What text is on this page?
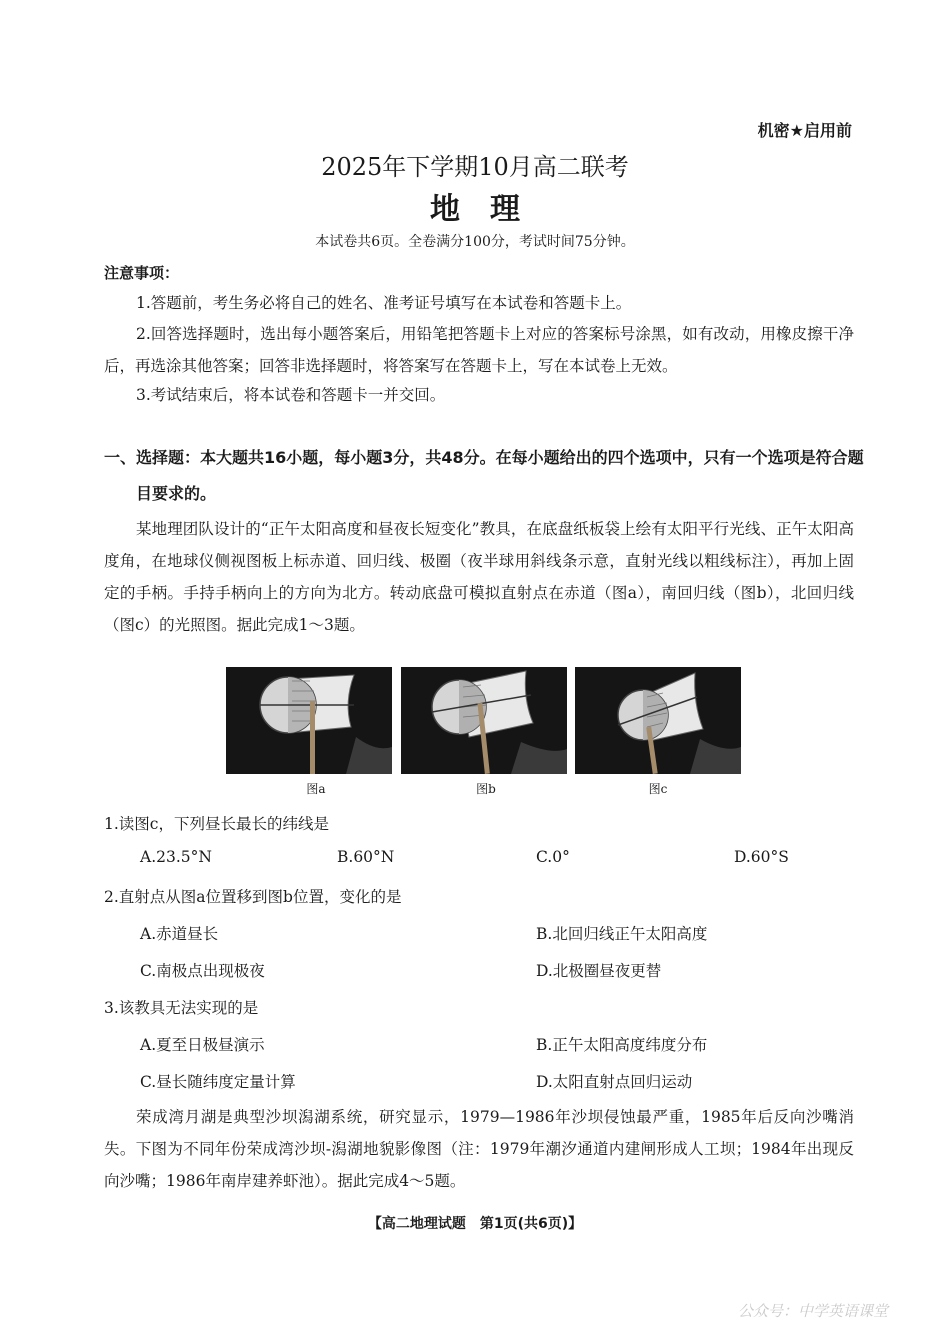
机密★启用前
2025年下学期10月高二联考
地理
本试卷共6页。全卷满分100分，考试时间75分钟。
注意事项：
1.答题前，考生务必将自己的姓名、准考证号填写在本试卷和答题卡上。
2.回答选择题时，选出每小题答案后，用铅笔把答题卡上对应的答案标号涂黑，如有改动，用橡皮擦干净后，再选涂其他答案；回答非选择题时，将答案写在答题卡上，写在本试卷上无效。
3.考试结束后，将本试卷和答题卡一并交回。
一、选择题：本大题共16小题，每小题3分，共48分。在每小题给出的四个选项中，只有一个选项是符合题目要求的。
某地理团队设计的“正午太阳高度和昼夜长短变化”教具，在底盘纸板袋上绘有太阳平行光线、正午太阳高度角，在地球仪侧视图板上标赤道、回归线、极圈（夜半球用斜线条示意，直射光线以粗线标注），再加上固定的手柄。手持手柄向上的方向为北方。转动底盘可模拟直射点在赤道（图a），南回归线（图b），北回归线（图c）的光照图。据此完成1～3题。
图a	图b	图c
1.读图c，下列昼长最长的纬线是
A.23.5°N	B.60°N	C.0°	D.60°S
2.直射点从图a位置移到图b位置，变化的是
A.赤道昼长	B.北回归线正午太阳高度
C.南极点出现极夜	D.北极圈昼夜更替
3.该教具无法实现的是
A.夏至日极昼演示	B.正午太阳高度纬度分布
C.昼长随纬度定量计算	D.太阳直射点回归运动
荣成湾月湖是典型沙坝潟湖系统，研究显示，1979—1986年沙坝侵蚀最严重，1985年后反向沙嘴消失。下图为不同年份荣成湾沙坝-潟湖地貌影像图（注：1979年潮汐通道内建闸形成人工坝；1984年出现反向沙嘴；1986年南岸建养虾池）。据此完成4～5题。
【高二地理试题　第1页(共6页)】
公众号：中学英语课堂
